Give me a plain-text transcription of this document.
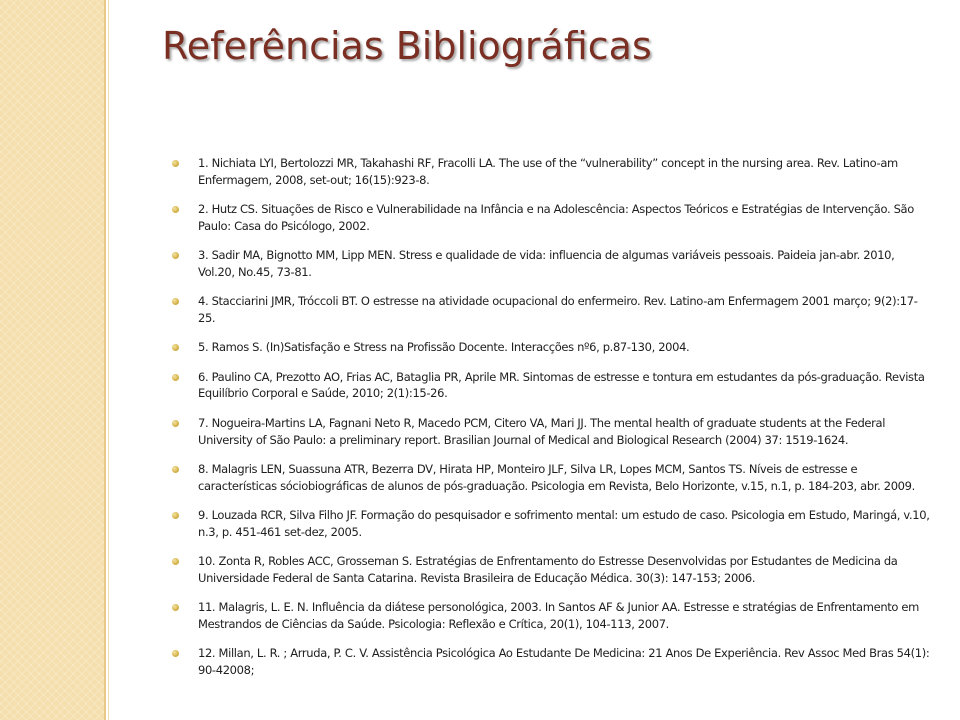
Referências Bibliográficas
1. Nichiata LYI, Bertolozzi MR, Takahashi RF, Fracolli LA. The use of the “vulnerability” concept in the nursing area. Rev. Latino-am Enfermagem, 2008, set-out; 16(15):923-8.
2. Hutz CS. Situações de Risco e Vulnerabilidade na Infância e na Adolescência: Aspectos Teóricos e Estratégias de Intervenção. São Paulo: Casa do Psicólogo, 2002.
3. Sadir MA, Bignotto MM, Lipp MEN. Stress e qualidade de vida: influencia de algumas variáveis pessoais. Paideia jan-abr. 2010, Vol.20, No.45, 73-81.
4. Stacciarini JMR, Tróccoli BT. O estresse na atividade ocupacional do enfermeiro. Rev. Latino-am Enfermagem 2001 março; 9(2):17-25.
5. Ramos S. (In)Satisfação e Stress na Profissão Docente. Interacções nº6, p.87-130, 2004.
6. Paulino CA, Prezotto AO, Frias AC, Bataglia PR, Aprile MR. Sintomas de estresse e tontura em estudantes da pós-graduação. Revista Equilíbrio Corporal e Saúde, 2010; 2(1):15-26.
7. Nogueira-Martins LA, Fagnani Neto R, Macedo PCM, Citero VA, Mari JJ. The mental health of graduate students at the Federal University of São Paulo: a preliminary report. Brasilian Journal of Medical and Biological Research (2004) 37: 1519-1624.
8. Malagris LEN, Suassuna ATR, Bezerra DV, Hirata HP, Monteiro JLF, Silva LR, Lopes MCM, Santos TS. Níveis de estresse e características sóciobiográficas de alunos de pós-graduação. Psicologia em Revista, Belo Horizonte, v.15, n.1, p. 184-203, abr. 2009.
9. Louzada RCR, Silva Filho JF. Formação do pesquisador e sofrimento mental: um estudo de caso. Psicologia em Estudo, Maringá, v.10, n.3, p. 451-461 set-dez, 2005.
10. Zonta R, Robles ACC, Grosseman S. Estratégias de Enfrentamento do Estresse Desenvolvidas por Estudantes de Medicina da Universidade Federal de Santa Catarina. Revista Brasileira de Educação Médica. 30(3): 147-153; 2006.
11. Malagris, L. E. N. Influência da diátese personológica, 2003. In Santos AF & Junior AA. Estresse e stratégias de Enfrentamento em Mestrandos de Ciências da Saúde. Psicologia: Reflexão e Crítica, 20(1), 104-113, 2007.
12. Millan, L. R. ; Arruda, P. C. V. Assistência Psicológica Ao Estudante De Medicina: 21 Anos De Experiência. Rev Assoc Med Bras 54(1): 90-42008;
